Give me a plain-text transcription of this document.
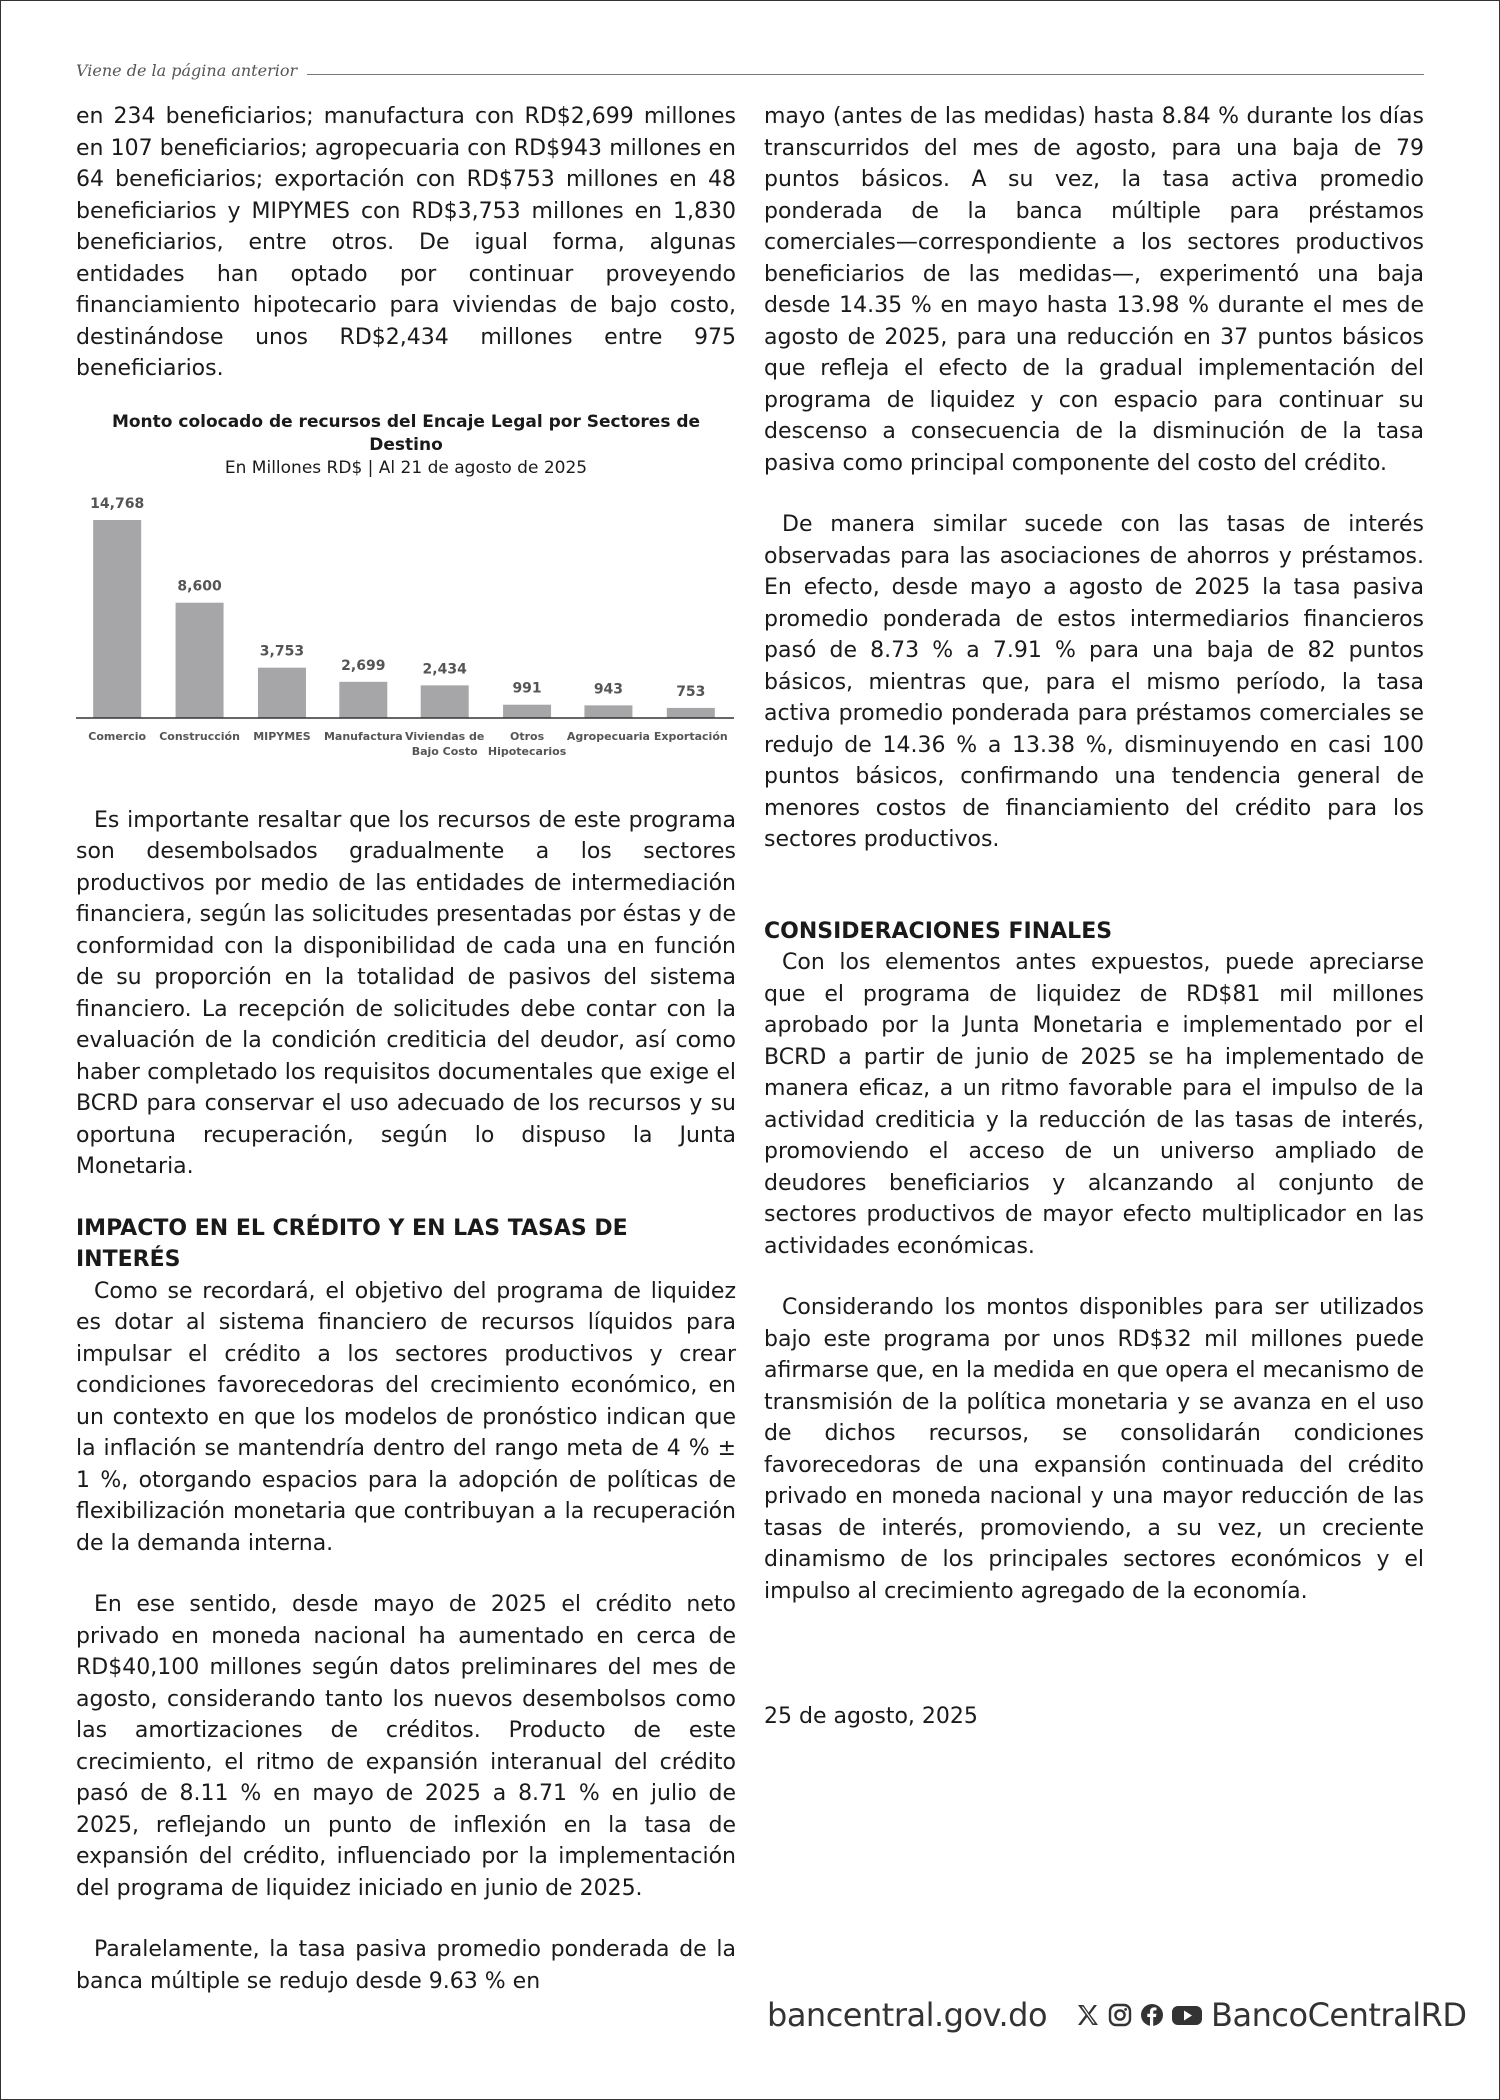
Viene de la página anterior

en 234 beneficiarios; manufactura con RD$2,699 millones en 107 beneficiarios; agropecuaria con RD$943 millones en 64 beneficiarios; exportación con RD$753 millones en 48 beneficiarios y MIPYMES con RD$3,753 millones en 1,830 beneficiarios, entre otros. De igual forma, algunas entidades han optado por continuar proveyendo financiamiento hipotecario para viviendas de bajo costo, destinándose unos RD$2,434 millones entre 975 beneficiarios.

Monto colocado de recursos del Encaje Legal por Sectores de Destino
En Millones RD$ | Al 21 de agosto de 2025
14,768
Comercio
8,600
Construcción
3,753
MIPYMES
2,699
Manufactura
2,434
Viviendas de
Bajo Costo
991
Otros
Hipotecarios
943
Agropecuaria
753
Exportación

Es importante resaltar que los recursos de este programa son desembolsados gradualmente a los sectores productivos por medio de las entidades de intermediación financiera, según las solicitudes presentadas por éstas y de conformidad con la disponibilidad de cada una en función de su proporción en la totalidad de pasivos del sistema financiero. La recepción de solicitudes debe contar con la evaluación de la condición crediticia del deudor, así como haber completado los requisitos documentales que exige el BCRD para conservar el uso adecuado de los recursos y su oportuna recuperación, según lo dispuso la Junta Monetaria.

IMPACTO EN EL CRÉDITO Y EN LAS TASAS DE INTERÉS

Como se recordará, el objetivo del programa de liquidez es dotar al sistema financiero de recursos líquidos para impulsar el crédito a los sectores productivos y crear condiciones favorecedoras del crecimiento económico, en un contexto en que los modelos de pronóstico indican que la inflación se mantendría dentro del rango meta de 4 % ± 1 %, otorgando espacios para la adopción de políticas de flexibilización monetaria que contribuyan a la recuperación de la demanda interna.

En ese sentido, desde mayo de 2025 el crédito neto privado en moneda nacional ha aumentado en cerca de RD$40,100 millones según datos preliminares del mes de agosto, considerando tanto los nuevos desembolsos como las amortizaciones de créditos. Producto de este crecimiento, el ritmo de expansión interanual del crédito pasó de 8.11 % en mayo de 2025 a 8.71 % en julio de 2025, reflejando un punto de inflexión en la tasa de expansión del crédito, influenciado por la implementación del programa de liquidez iniciado en junio de 2025.

Paralelamente, la tasa pasiva promedio ponderada de la banca múltiple se redujo desde 9.63 % en

mayo (antes de las medidas) hasta 8.84 % durante los días transcurridos del mes de agosto, para una baja de 79 puntos básicos. A su vez, la tasa activa promedio ponderada de la banca múltiple para préstamos comerciales—correspondiente a los sectores productivos beneficiarios de las medidas—, experimentó una baja desde 14.35 % en mayo hasta 13.98 % durante el mes de agosto de 2025, para una reducción en 37 puntos básicos que refleja el efecto de la gradual implementación del programa de liquidez y con espacio para continuar su descenso a consecuencia de la disminución de la tasa pasiva como principal componente del costo del crédito.

De manera similar sucede con las tasas de interés observadas para las asociaciones de ahorros y préstamos. En efecto, desde mayo a agosto de 2025 la tasa pasiva promedio ponderada de estos intermediarios financieros pasó de 8.73 % a 7.91 % para una baja de 82 puntos básicos, mientras que, para el mismo período, la tasa activa promedio ponderada para préstamos comerciales se redujo de 14.36 % a 13.38 %, disminuyendo en casi 100 puntos básicos, confirmando una tendencia general de menores costos de financiamiento del crédito para los sectores productivos.

CONSIDERACIONES FINALES

Con los elementos antes expuestos, puede apreciarse que el programa de liquidez de RD$81 mil millones aprobado por la Junta Monetaria e implementado por el BCRD a partir de junio de 2025 se ha implementado de manera eficaz, a un ritmo favorable para el impulso de la actividad crediticia y la reducción de las tasas de interés, promoviendo el acceso de un universo ampliado de deudores beneficiarios y alcanzando al conjunto de sectores productivos de mayor efecto multiplicador en las actividades económicas.

Considerando los montos disponibles para ser utilizados bajo este programa por unos RD$32 mil millones puede afirmarse que, en la medida en que opera el mecanismo de transmisión de la política monetaria y se avanza en el uso de dichos recursos, se consolidarán condiciones favorecedoras de una expansión continuada del crédito privado en moneda nacional y una mayor reducción de las tasas de interés, promoviendo, a su vez, un creciente dinamismo de los principales sectores económicos y el impulso al crecimiento agregado de la economía.

25 de agosto, 2025
bancentral.gov.do	BancoCentralRD
